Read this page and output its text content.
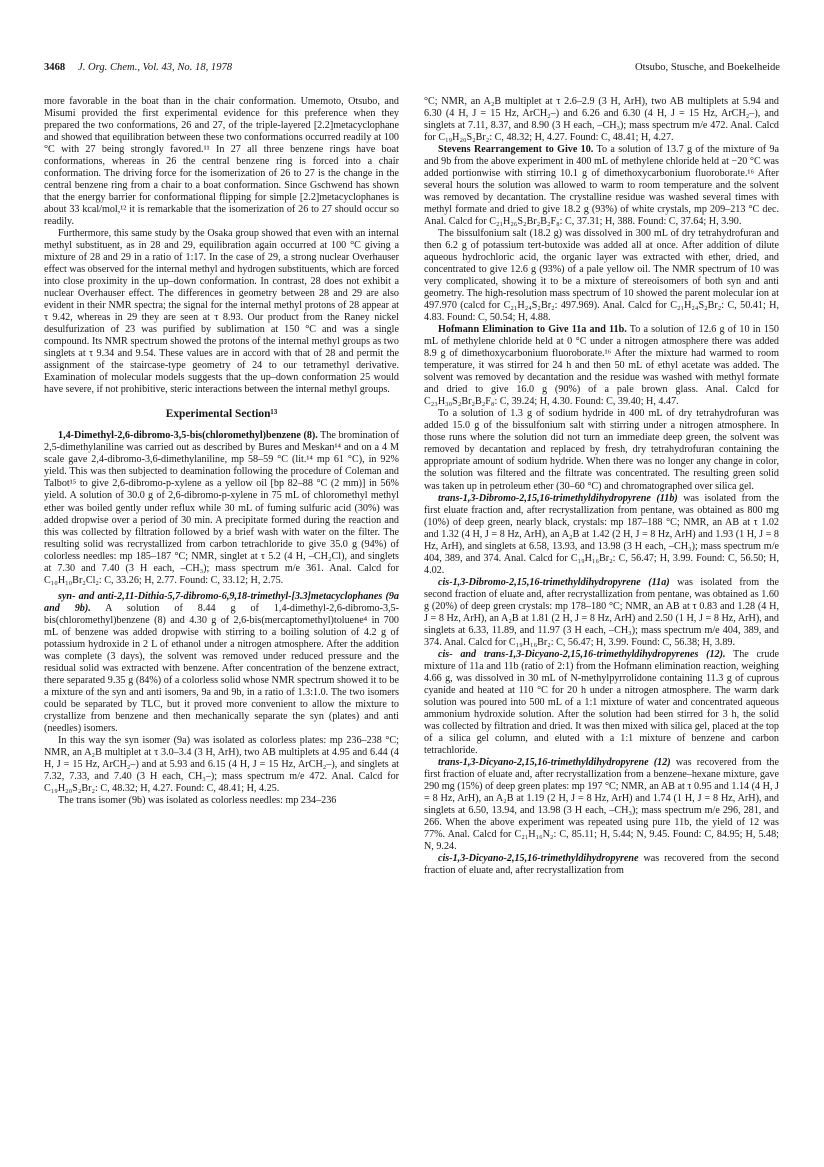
3468 J. Org. Chem., Vol. 43, No. 18, 1978	Otsubo, Stusche, and Boekelheide

more favorable in the boat than in the chair conformation. Umemoto, Otsubo, and Misumi provided the first experimental evidence for this preference when they prepared the two conformations, 26 and 27, of the triple-layered [2.2]metacyclophane and showed that equilibration between these two conformations occurred readily at 100 °C with 27 being strongly favored.¹¹ In 27 all three benzene rings have boat conformations, whereas in 26 the central benzene ring is forced into a chair conformation. The driving force for the isomerization of 26 to 27 is the change in the central benzene ring from a chair to a boat conformation. Since Gschwend has shown that the energy barrier for conformational flipping for simple [2.2]metacyclophanes is about 33 kcal/mol,¹² it is remarkable that the isomerization of 26 to 27 should occur so readily.

Furthermore, this same study by the Osaka group showed that even with an internal methyl substituent, as in 28 and 29, equilibration again occurred at 100 °C giving a mixture of 28 and 29 in a ratio of 1:17. In the case of 29, a strong nuclear Overhauser effect was observed for the internal methyl and hydrogen substituents, which are forced into close proximity in the up–down conformation. In contrast, 28 does not exhibit a nuclear Overhauser effect. The differences in geometry between 28 and 29 are also evident in their NMR spectra; the signal for the internal methyl protons of 28 appear at τ 9.42, whereas in 29 they are seen at τ 8.93. Our product from the Raney nickel desulfurization of 23 was purified by sublimation at 150 °C and was a single compound. Its NMR spectrum showed the protons of the internal methyl groups as two singlets at τ 9.34 and 9.54. These values are in accord with that of 28 and permit the assignment of the staircase-type geometry of 24 to our tetramethyl derivative. Examination of molecular models suggests that the up–down conformation 25 would have severe, if not prohibitive, steric interactions between the internal methyl groups.

Experimental Section¹³

1,4-Dimethyl-2,6-dibromo-3,5-bis(chloromethyl)benzene (8). The bromination of 2,5-dimethylaniline was carried out as described by Bures and Meskan¹⁴ and on a 4 M scale gave 2,4-dibromo-3,6-dimethylaniline, mp 58–59 °C (lit.¹⁴ mp 61 °C), in 92% yield. This was then subjected to deamination following the procedure of Coleman and Talbot¹⁵ to give 2,6-dibromo-p-xylene as a yellow oil [bp 82–88 °C (2 mm)] in 56% yield. A solution of 30.0 g of 2,6-dibromo-p-xylene in 75 mL of chloromethyl methyl ether was boiled gently under reflux while 30 mL of fuming sulfuric acid (30%) was added dropwise over a period of 30 min. A precipitate formed during the reaction and this was collected by filtration followed by a brief wash with water on the filter. The resulting solid was recrystallized from carbon tetrachloride to give 35.0 g (94%) of colorless needles: mp 185–187 °C; NMR, singlet at τ 5.2 (4 H, –CH₂Cl), and singlets at 7.30 and 7.40 (3 H each, –CH₃); mass spectrum m/e 361. Anal. Calcd for C₁₀H₁₀Br₂Cl₂: C, 33.26; H, 2.77. Found: C, 33.12; H, 2.75.

syn- and anti-2,11-Dithia-5,7-dibromo-6,9,18-trimethyl-[3.3]metacyclophanes (9a and 9b). A solution of 8.44 g of 1,4-dimethyl-2,6-dibromo-3,5-bis(chloromethyl)benzene (8) and 4.30 g of 2,6-bis(mercaptomethyl)toluene⁴ in 700 mL of benzene was added dropwise with stirring to a boiling solution of 4.2 g of potassium hydroxide in 2 L of ethanol under a nitrogen atmosphere. After the addition was complete (3 days), the solvent was removed under reduced pressure and the residual solid was extracted with benzene. After concentration of the benzene extract, there separated 9.35 g (84%) of a colorless solid whose NMR spectrum showed it to be a mixture of the syn and anti isomers, 9a and 9b, in a ratio of 1.3:1.0. The two isomers could be separated by TLC, but it proved more convenient to allow the mixture to crystallize from benzene and then mechanically separate the syn (plates) and anti (needles) isomers.

In this way the syn isomer (9a) was isolated as colorless plates: mp 236–238 °C; NMR, an A₂B multiplet at τ 3.0–3.4 (3 H, ArH), two AB multiplets at 4.95 and 6.44 (4 H, J = 15 Hz, ArCH₂–) and at 5.93 and 6.15 (4 H, J = 15 Hz, ArCH₂–), and singlets at 7.32, 7.33, and 7.40 (3 H each, CH₃–); mass spectrum m/e 472. Anal. Calcd for C₁₉H₂₀S₂Br₂: C, 48.32; H, 4.27. Found: C, 48.41; H, 4.25.

The trans isomer (9b) was isolated as colorless needles: mp 234–236

°C; NMR, an A₂B multiplet at τ 2.6–2.9 (3 H, ArH), two AB multiplets at 5.94 and 6.30 (4 H, J = 15 Hz, ArCH₂–) and 6.26 and 6.30 (4 H, J = 15 Hz, ArCH₂–), and singlets at 7.11, 8.37, and 8.90 (3 H each, –CH₃); mass spectrum m/e 472. Anal. Calcd for C₁₉H₂₀S₂Br₂: C, 48.32; H, 4.27. Found: C, 48.41; H, 4.27.

Stevens Rearrangement to Give 10. To a solution of 13.7 g of the mixture of 9a and 9b from the above experiment in 400 mL of methylene chloride held at −20 °C was added portionwise with stirring 10.1 g of dimethoxycarbonium fluoroborate.¹⁶ After several hours the solution was allowed to warm to room temperature and the solvent was removed by decantation. The crystalline residue was washed several times with methyl formate and dried to give 18.2 g (93%) of white crystals, mp 209–213 °C dec. Anal. Calcd for C₂₁H₂₆S₂Br₂B₂F₈: C, 37.31; H, 388. Found: C, 37.64; H, 3.90.

The bissulfonium salt (18.2 g) was dissolved in 300 mL of dry tetrahydrofuran and then 6.2 g of potassium tert-butoxide was added all at once. After addition of dilute aqueous hydrochloric acid, the organic layer was extracted with ether, dried, and concentrated to give 12.6 g (93%) of a pale yellow oil. The NMR spectrum of 10 was very complicated, showing it to be a mixture of stereoisomers of both syn and anti geometry. The high-resolution mass spectrum of 10 showed the parent molecular ion at 497.970 (calcd for C₂₁H₂₄S₂Br₂: 497.969). Anal. Calcd for C₂₁H₂₄S₂Br₂: C, 50.41; H, 4.83. Found: C, 50.54; H, 4.88.

Hofmann Elimination to Give 11a and 11b. To a solution of 12.6 g of 10 in 150 mL of methylene chloride held at 0 °C under a nitrogen atmosphere there was added 8.9 g of dimethoxycarbonium fluoroborate.¹⁶ After the mixture had warmed to room temperature, it was stirred for 24 h and then 50 mL of ethyl acetate was added. The solvent was removed by decantation and the residue was washed with methyl formate and dried to give 16.0 g (90%) of a pale brown glass. Anal. Calcd for C₂₃H₃₀S₂Br₂B₂F₈: C, 39.24; H, 4.30. Found: C, 39.40; H, 4.47.

To a solution of 1.3 g of sodium hydride in 400 mL of dry tetrahydrofuran was added 15.0 g of the bissulfonium salt with stirring under a nitrogen atmosphere. In those runs where the solution did not turn an immediate deep green, the solvent was removed by decantation and replaced by fresh, dry tetrahydrofuran containing the appropriate amount of sodium hydride. When there was no longer any change in color, the solution was filtered and the filtrate was concentrated. The resulting green solid was taken up in petroleum ether (30–60 °C) and chromatographed over silica gel.

trans-1,3-Dibromo-2,15,16-trimethyldihydropyrene (11b) was isolated from the first eluate fraction and, after recrystallization from pentane, was obtained as 800 mg (10%) of deep green, nearly black, crystals: mp 187–188 °C; NMR, an AB at τ 1.02 and 1.32 (4 H, J = 8 Hz, ArH), an A₂B at 1.42 (2 H, J = 8 Hz, ArH) and 1.93 (1 H, J = 8 Hz, ArH), and singlets at 6.58, 13.93, and 13.98 (3 H each, –CH₃); mass spectrum m/e 404, 389, and 374. Anal. Calcd for C₁₉H₁₆Br₂: C, 56.47; H, 3.99. Found: C, 56.50; H, 4.02.

cis-1,3-Dibromo-2,15,16-trimethyldihydropyrene (11a) was isolated from the second fraction of eluate and, after recrystallization from pentane, was obtained as 1.60 g (20%) of deep green crystals: mp 178–180 °C; NMR, an AB at τ 0.83 and 1.28 (4 H, J = 8 Hz, ArH), an A₂B at 1.81 (2 H, J = 8 Hz, ArH) and 2.50 (1 H, J = 8 Hz, ArH), and singlets at 6.33, 11.89, and 11.97 (3 H each, –CH₃); mass spectrum m/e 404, 389, and 374. Anal. Calcd for C₁₉H₁₆Br₂: C, 56.47; H, 3.99. Found: C, 56.38; H, 3.89.

cis- and trans-1,3-Dicyano-2,15,16-trimethyldihydropyrenes (12). The crude mixture of 11a and 11b (ratio of 2:1) from the Hofmann elimination reaction, weighing 4.66 g, was dissolved in 30 mL of N-methylpyrrolidone containing 11.3 g of cuprous cyanide and heated at 110 °C for 20 h under a nitrogen atmosphere. The warm dark solution was poured into 500 mL of a 1:1 mixture of water and concentrated aqueous ammonium hydroxide solution. After the solution had been stirred for 3 h, the solid was collected by filtration and dried. It was then mixed with silica gel, placed at the top of a silica gel column, and eluted with a 1:1 mixture of benzene and carbon tetrachloride.

trans-1,3-Dicyano-2,15,16-trimethyldihydropyrene (12) was recovered from the first fraction of eluate and, after recrystallization from a benzene–hexane mixture, gave 290 mg (15%) of deep green plates: mp 197 °C; NMR, an AB at τ 0.95 and 1.14 (4 H, J = 8 Hz, ArH), an A₂B at 1.19 (2 H, J = 8 Hz, ArH) and 1.74 (1 H, J = 8 Hz, ArH), and singlets at 6.50, 13.94, and 13.98 (3 H each, –CH₃); mass spectrum m/e 296, 281, and 266. When the above experiment was repeated using pure 11b, the yield of 12 was 77%. Anal. Calcd for C₂₁H₁₆N₂: C, 85.11; H, 5.44; N, 9.45. Found: C, 84.95; H, 5.48; N, 9.24.

cis-1,3-Dicyano-2,15,16-trimethyldihydropyrene was recovered from the second fraction of eluate and, after recrystallization from
